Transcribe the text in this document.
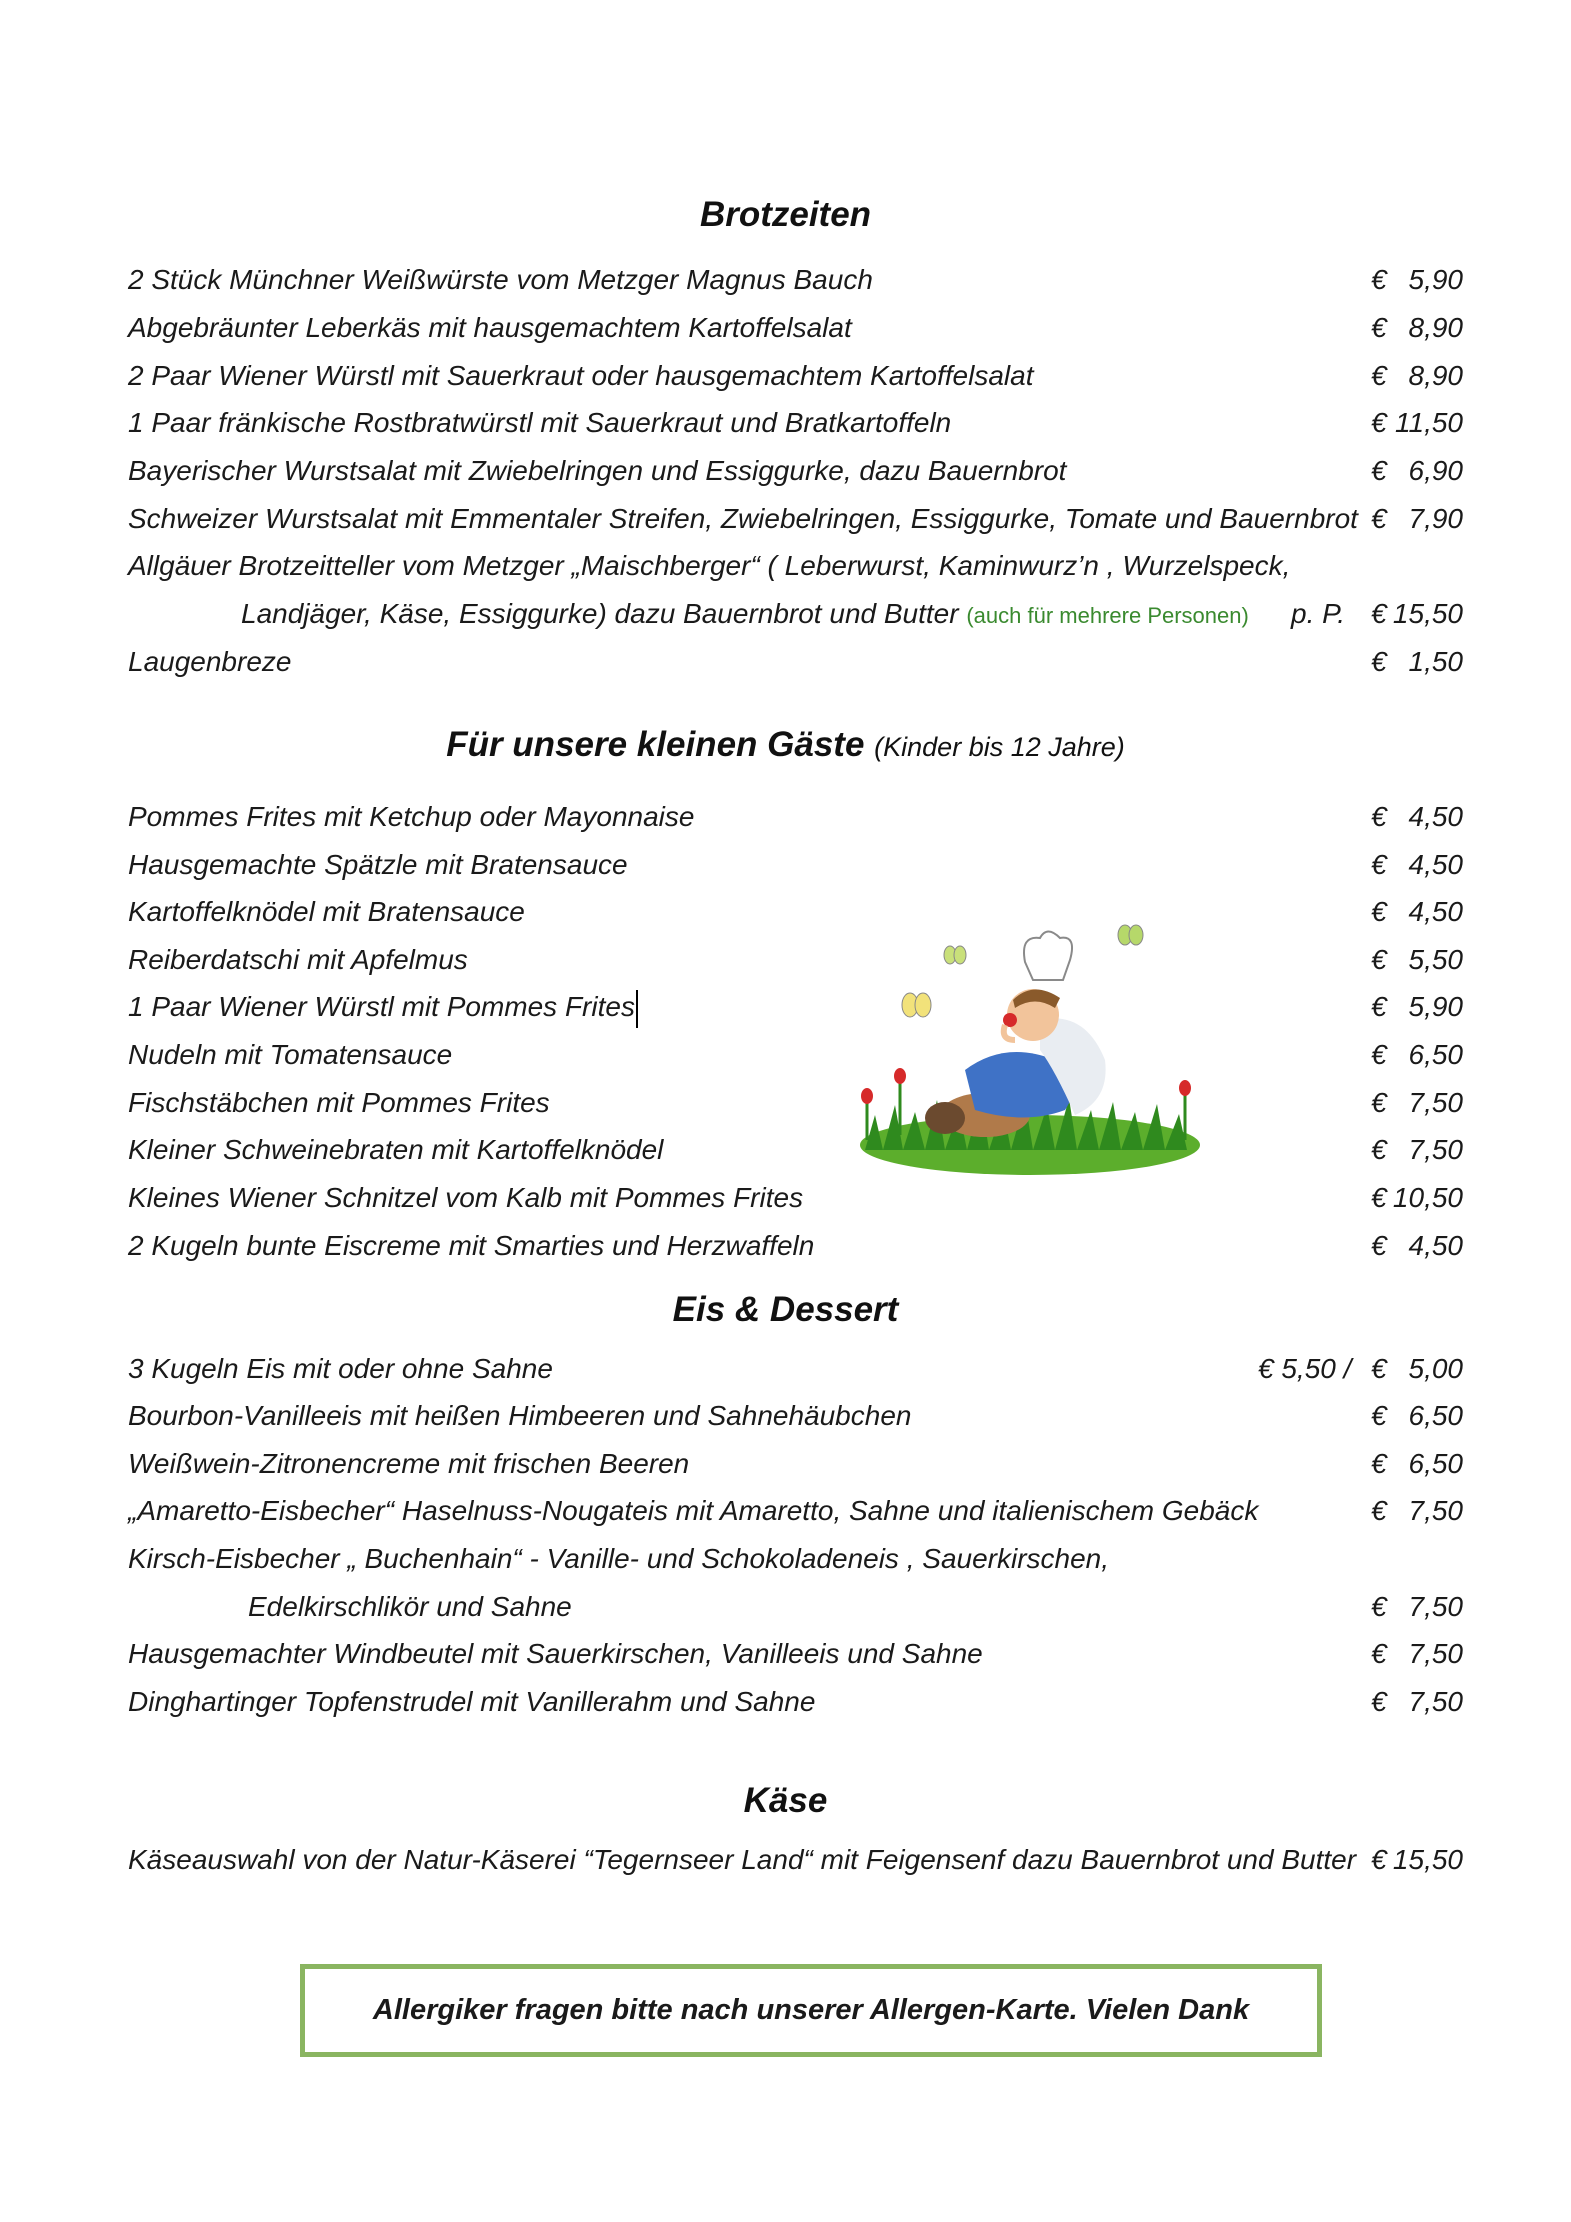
Brotzeiten
2 Stück Münchner Weißwürste vom Metzger Magnus Bauch	€ 5,90
Abgebräunter Leberkäs mit hausgemachtem Kartoffelsalat	€ 8,90
2 Paar Wiener Würstl mit Sauerkraut oder hausgemachtem Kartoffelsalat	€ 8,90
1 Paar fränkische Rostbratwürstl mit Sauerkraut und Bratkartoffeln	€ 11,50
Bayerischer Wurstsalat mit Zwiebelringen und Essiggurke, dazu Bauernbrot	€ 6,90
Schweizer Wurstsalat mit Emmentaler Streifen, Zwiebelringen, Essiggurke, Tomate und Bauernbrot € 7,90
Allgäuer Brotzeitteller vom Metzger „Maischberger“ ( Leberwurst, Kaminwurz’n , Wurzelspeck,
Landjäger, Käse, Essiggurke) dazu Bauernbrot und Butter (auch für mehrere Personen) p. P. € 15,50
Laugenbreze	€ 1,50
Für unsere kleinen Gäste (Kinder bis 12 Jahre)
Pommes Frites mit Ketchup oder Mayonnaise	€ 4,50
Hausgemachte Spätzle mit Bratensauce	€ 4,50
Kartoffelknödel mit Bratensauce	€ 4,50
Reiberdatschi mit Apfelmus	€ 5,50
1 Paar Wiener Würstl mit Pommes Frites	€ 5,90
Nudeln mit Tomatensauce	€ 6,50
Fischstäbchen mit Pommes Frites	€ 7,50
Kleiner Schweinebraten mit Kartoffelknödel	€ 7,50
Kleines Wiener Schnitzel vom Kalb mit Pommes Frites	€ 10,50
2 Kugeln bunte Eiscreme mit Smarties und Herzwaffeln	€ 4,50
Eis & Dessert
3 Kugeln Eis mit oder ohne Sahne	€ 5,50 / € 5,00
Bourbon-Vanilleeis mit heißen Himbeeren und Sahnehäubchen	€ 6,50
Weißwein-Zitronencreme mit frischen Beeren	€ 6,50
„Amaretto-Eisbecher“ Haselnuss-Nougateis mit Amaretto, Sahne und italienischem Gebäck	€ 7,50
Kirsch-Eisbecher „ Buchenhain“ - Vanille- und Schokoladeneis , Sauerkirschen,
Edelkirschlikör und Sahne	€ 7,50
Hausgemachter Windbeutel mit Sauerkirschen, Vanilleeis und Sahne	€ 7,50
Dinghartinger Topfenstrudel mit Vanillerahm und Sahne	€ 7,50
Käse
Käseauswahl von der Natur-Käserei “Tegernseer Land“ mit Feigensenf dazu Bauernbrot und Butter € 15,50
Allergiker fragen bitte nach unserer Allergen-Karte. Vielen Dank
